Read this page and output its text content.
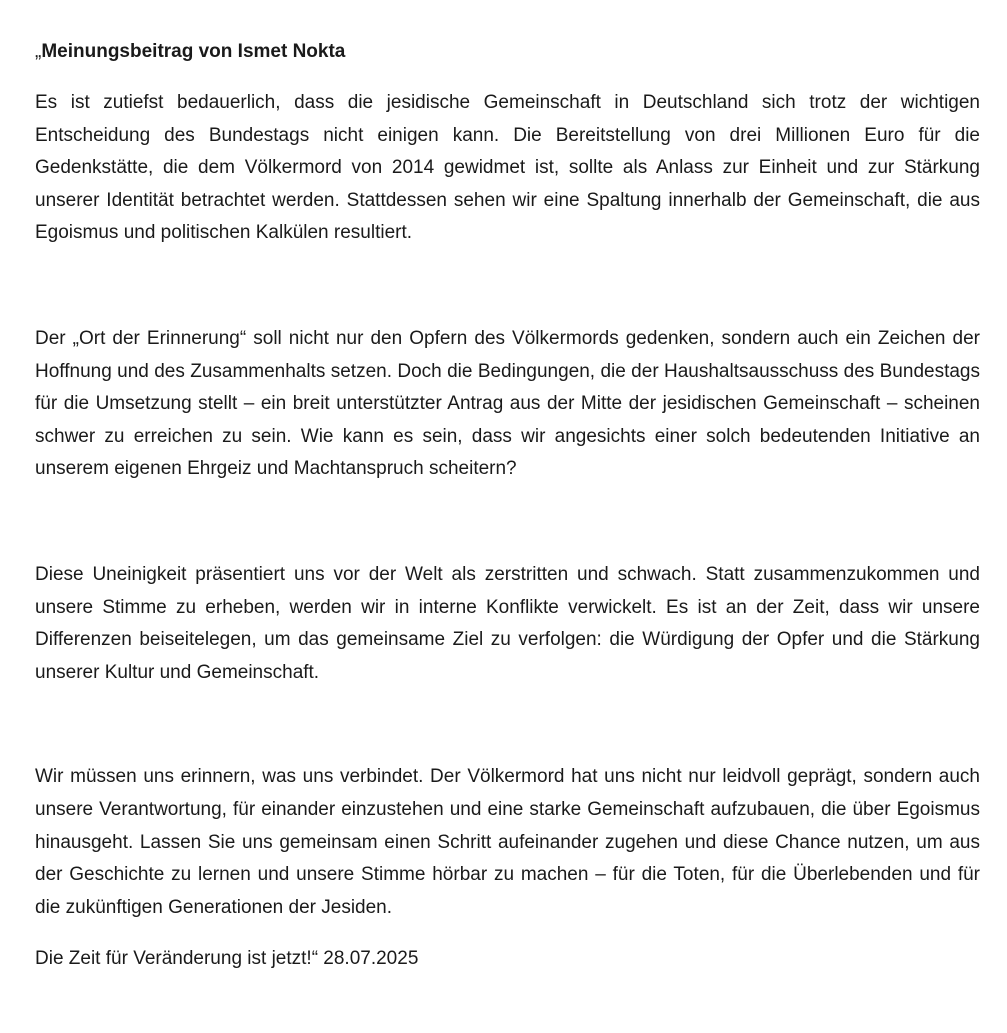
„Meinungsbeitrag von Ismet Nokta

Es ist zutiefst bedauerlich, dass die jesidische Gemeinschaft in Deutschland sich trotz der wichtigen Entscheidung des Bundestags nicht einigen kann. Die Bereitstellung von drei Millionen Euro für die Gedenkstätte, die dem Völkermord von 2014 gewidmet ist, sollte als Anlass zur Einheit und zur Stärkung unserer Identität betrachtet werden. Stattdessen sehen wir eine Spaltung innerhalb der Gemeinschaft, die aus Egoismus und politischen Kalkülen resultiert.

Der „Ort der Erinnerung“ soll nicht nur den Opfern des Völkermords gedenken, sondern auch ein Zeichen der Hoffnung und des Zusammenhalts setzen. Doch die Bedingungen, die der Haushaltsausschuss des Bundestags für die Umsetzung stellt – ein breit unterstützter Antrag aus der Mitte der jesidischen Gemeinschaft – scheinen schwer zu erreichen zu sein. Wie kann es sein, dass wir angesichts einer solch bedeutenden Initiative an unserem eigenen Ehrgeiz und Machtanspruch scheitern?

Diese Uneinigkeit präsentiert uns vor der Welt als zerstritten und schwach. Statt zusammenzukommen und unsere Stimme zu erheben, werden wir in interne Konflikte verwickelt. Es ist an der Zeit, dass wir unsere Differenzen beiseitelegen, um das gemeinsame Ziel zu verfolgen: die Würdigung der Opfer und die Stärkung unserer Kultur und Gemeinschaft.

Wir müssen uns erinnern, was uns verbindet. Der Völkermord hat uns nicht nur leidvoll geprägt, sondern auch unsere Verantwortung, für einander einzustehen und eine starke Gemeinschaft aufzubauen, die über Egoismus hinausgeht. Lassen Sie uns gemeinsam einen Schritt aufeinander zugehen und diese Chance nutzen, um aus der Geschichte zu lernen und unsere Stimme hörbar zu machen – für die Toten, für die Überlebenden und für die zukünftigen Generationen der Jesiden.

Die Zeit für Veränderung ist jetzt!“ 28.07.2025
